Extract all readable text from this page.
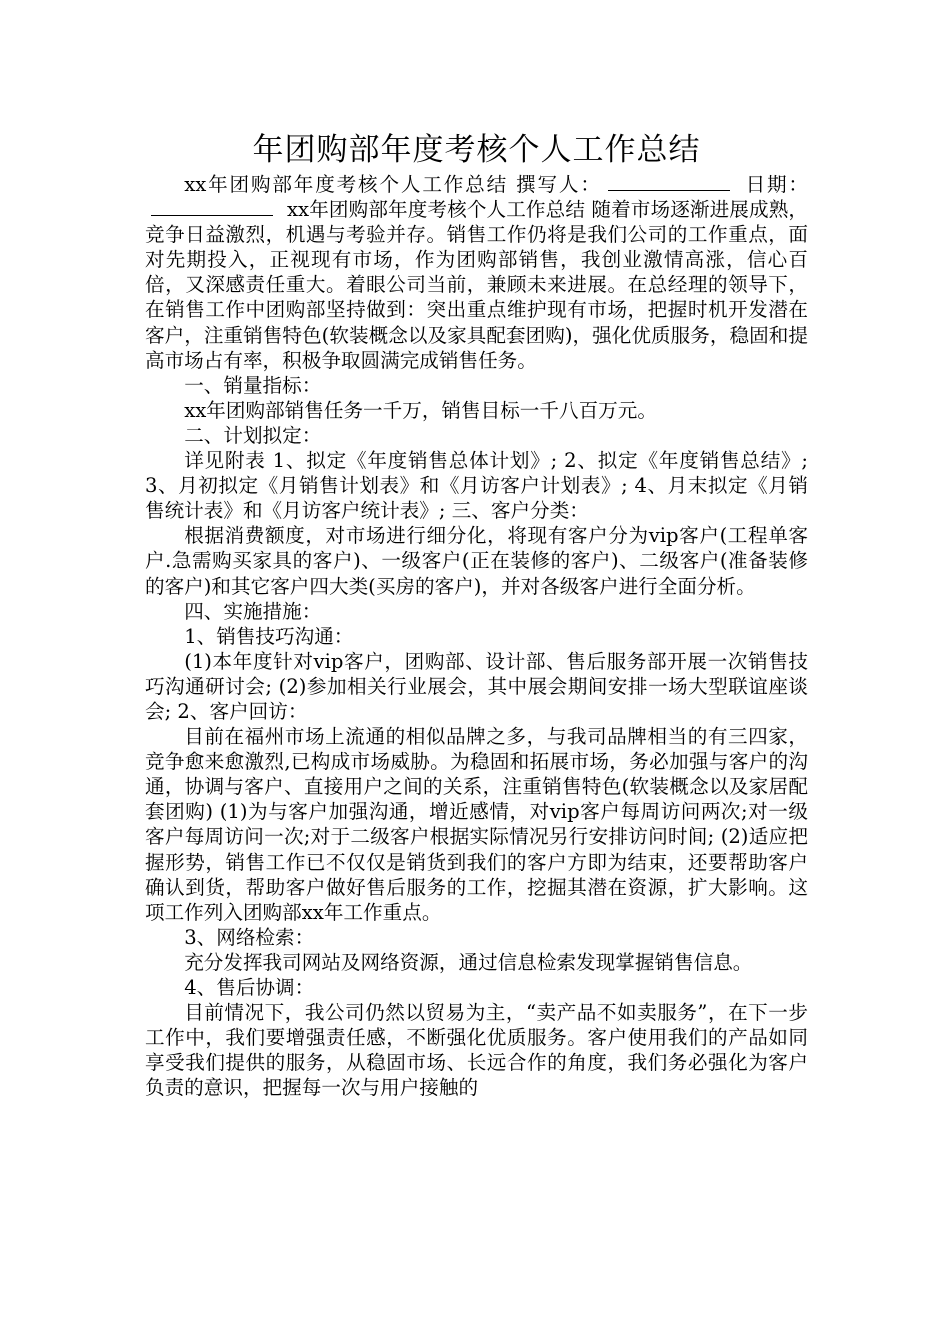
年团购部年度考核个人工作总结

xx年团购部年度考核个人工作总结 撰写人：	日期：xx年团购部年度考核个人工作总结 随着市场逐渐进展成熟，竞争日益激烈，机遇与考验并存。销售工作仍将是我们公司的工作重点，面对先期投入，正视现有市场，作为团购部销售，我创业激情高涨，信心百倍，又深感责任重大。着眼公司当前，兼顾未来进展。在总经理的领导下，在销售工作中团购部坚持做到：突出重点维护现有市场，把握时机开发潜在客户，注重销售特色(软装概念以及家具配套团购)，强化优质服务，稳固和提高市场占有率，积极争取圆满完成销售任务。

一、销量指标：

xx年团购部销售任务一千万，销售目标一千八百万元。

二、计划拟定：

详见附表 1、拟定《年度销售总体计划》; 2、拟定《年度销售总结》; 3、月初拟定《月销售计划表》和《月访客户计划表》; 4、月末拟定《月销售统计表》和《月访客户统计表》; 三、客户分类：

根据消费额度，对市场进行细分化，将现有客户分为vip客户(工程单客户.急需购买家具的客户)、一级客户(正在装修的客户)、二级客户(准备装修的客户)和其它客户四大类(买房的客户)，并对各级客户进行全面分析。

四、实施措施：

1、销售技巧沟通：

(1)本年度针对vip客户，团购部、设计部、售后服务部开展一次销售技巧沟通研讨会; (2)参加相关行业展会，其中展会期间安排一场大型联谊座谈会; 2、客户回访：

目前在福州市场上流通的相似品牌之多，与我司品牌相当的有三四家，竞争愈来愈激烈,已构成市场威胁。为稳固和拓展市场，务必加强与客户的沟通，协调与客户、直接用户之间的关系，注重销售特色(软装概念以及家居配套团购) (1)为与客户加强沟通，增近感情，对vip客户每周访问两次;对一级客户每周访问一次;对于二级客户根据实际情况另行安排访问时间; (2)适应把握形势，销售工作已不仅仅是销货到我们的客户方即为结束，还要帮助客户确认到货，帮助客户做好售后服务的工作，挖掘其潜在资源，扩大影响。这项工作列入团购部xx年工作重点。

3、网络检索：

充分发挥我司网站及网络资源，通过信息检索发现掌握销售信息。

4、售后协调：

目前情况下，我公司仍然以贸易为主，“卖产品不如卖服务”，在下一步工作中，我们要增强责任感，不断强化优质服务。客户使用我们的产品如同享受我们提供的服务，从稳固市场、长远合作的角度，我们务必强化为客户负责的意识，把握每一次与用户接触的
